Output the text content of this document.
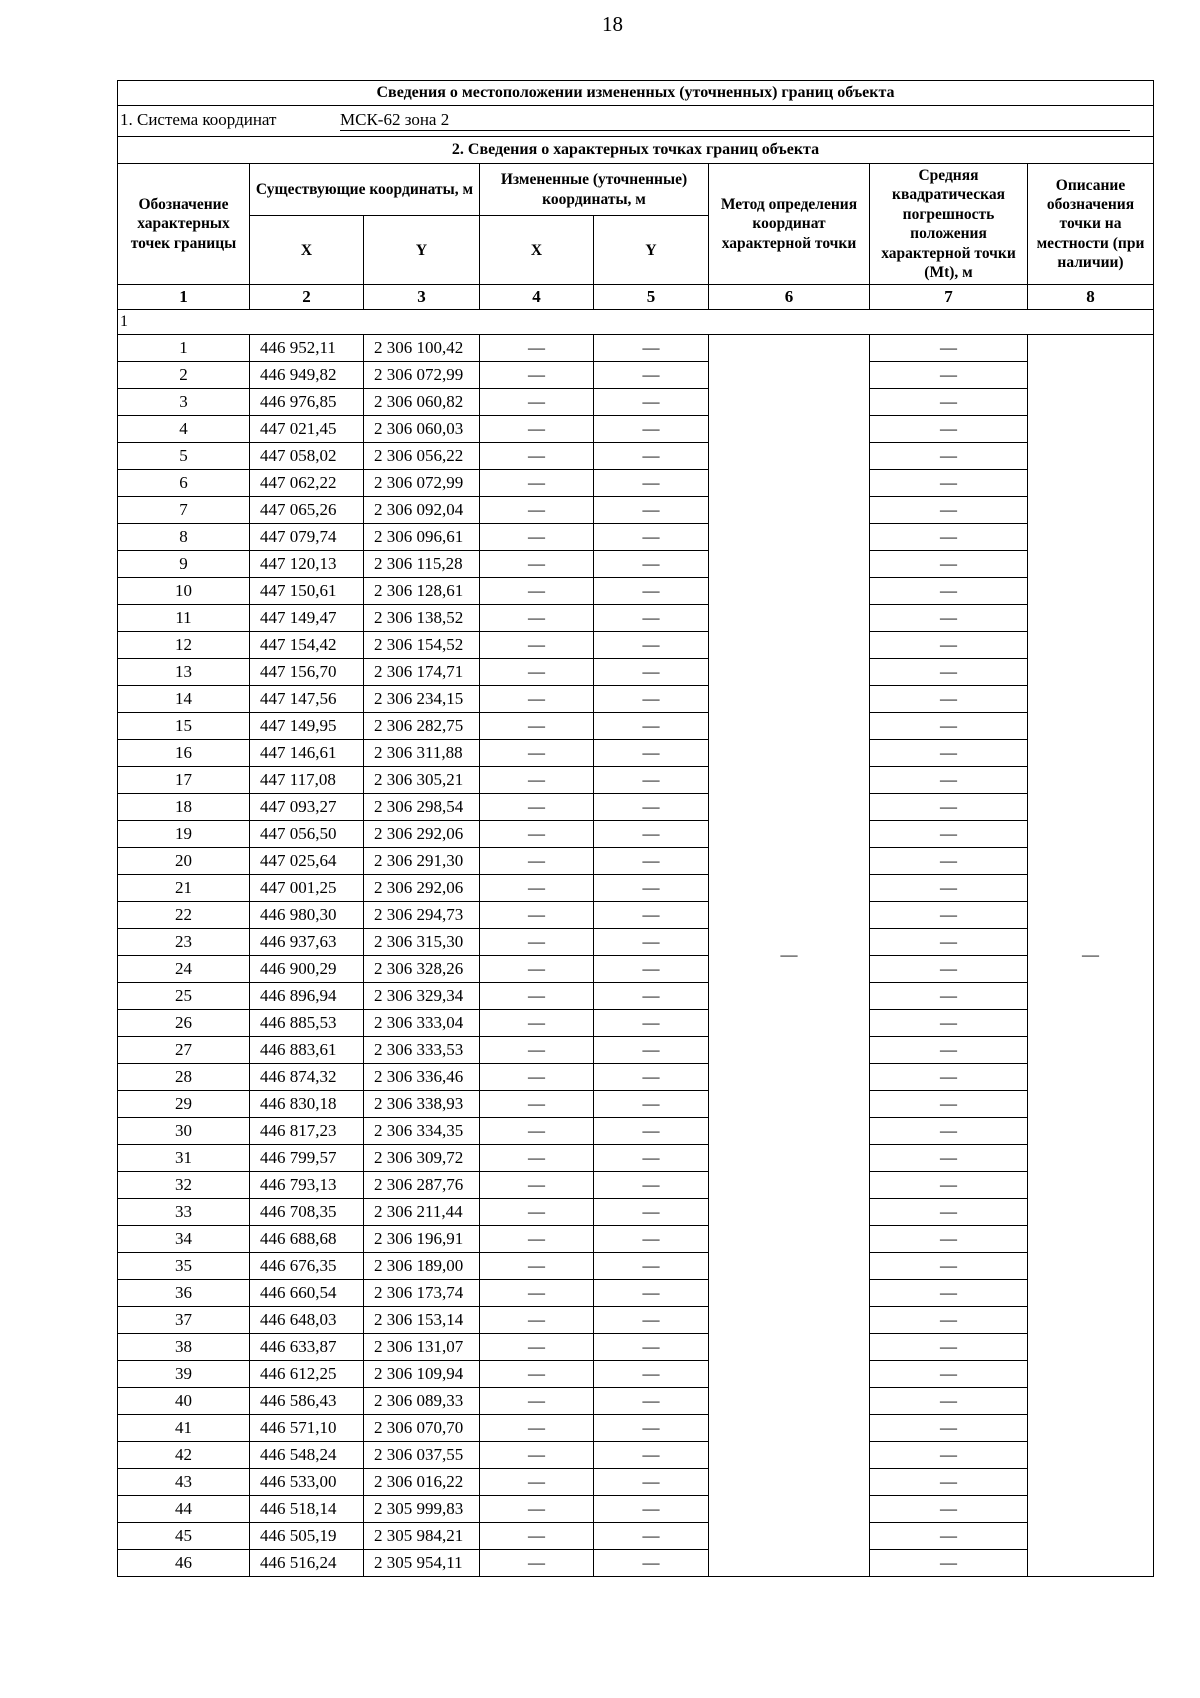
18
Сведения о местоположении измененных (уточненных) границ объекта							
1. Система координат МСК-62 зона 2							
2. Сведения о характерных точках границ объекта							
Обозначение характерных точек границы	Существующие координаты, м		Измененные (уточненные) координаты, м		Метод определения координат характерной точки	Средняя квадратическая погрешность положения характерной точки (Mt), м	Описание обозначения точки на местности (при наличии)
	X	Y	X	Y			
1	2	3	4	5	6	7	8
1							
1	446 952,11	2 306 100,42	—	—	—	—	—
2	446 949,82	2 306 072,99	—	—		—	
3	446 976,85	2 306 060,82	—	—		—	
4	447 021,45	2 306 060,03	—	—		—	
5	447 058,02	2 306 056,22	—	—		—	
6	447 062,22	2 306 072,99	—	—		—	
7	447 065,26	2 306 092,04	—	—		—	
8	447 079,74	2 306 096,61	—	—		—	
9	447 120,13	2 306 115,28	—	—		—	
10	447 150,61	2 306 128,61	—	—		—	
11	447 149,47	2 306 138,52	—	—		—	
12	447 154,42	2 306 154,52	—	—		—	
13	447 156,70	2 306 174,71	—	—		—	
14	447 147,56	2 306 234,15	—	—		—	
15	447 149,95	2 306 282,75	—	—		—	
16	447 146,61	2 306 311,88	—	—		—	
17	447 117,08	2 306 305,21	—	—		—	
18	447 093,27	2 306 298,54	—	—		—	
19	447 056,50	2 306 292,06	—	—		—	
20	447 025,64	2 306 291,30	—	—		—	
21	447 001,25	2 306 292,06	—	—		—	
22	446 980,30	2 306 294,73	—	—		—	
23	446 937,63	2 306 315,30	—	—		—	
24	446 900,29	2 306 328,26	—	—		—	
25	446 896,94	2 306 329,34	—	—		—	
26	446 885,53	2 306 333,04	—	—		—	
27	446 883,61	2 306 333,53	—	—		—	
28	446 874,32	2 306 336,46	—	—		—	
29	446 830,18	2 306 338,93	—	—		—	
30	446 817,23	2 306 334,35	—	—		—	
31	446 799,57	2 306 309,72	—	—		—	
32	446 793,13	2 306 287,76	—	—		—	
33	446 708,35	2 306 211,44	—	—		—	
34	446 688,68	2 306 196,91	—	—		—	
35	446 676,35	2 306 189,00	—	—		—	
36	446 660,54	2 306 173,74	—	—		—	
37	446 648,03	2 306 153,14	—	—		—	
38	446 633,87	2 306 131,07	—	—		—	
39	446 612,25	2 306 109,94	—	—		—	
40	446 586,43	2 306 089,33	—	—		—	
41	446 571,10	2 306 070,70	—	—		—	
42	446 548,24	2 306 037,55	—	—		—	
43	446 533,00	2 306 016,22	—	—		—	
44	446 518,14	2 305 999,83	—	—		—	
45	446 505,19	2 305 984,21	—	—		—	
46	446 516,24	2 305 954,11	—	—		—	
